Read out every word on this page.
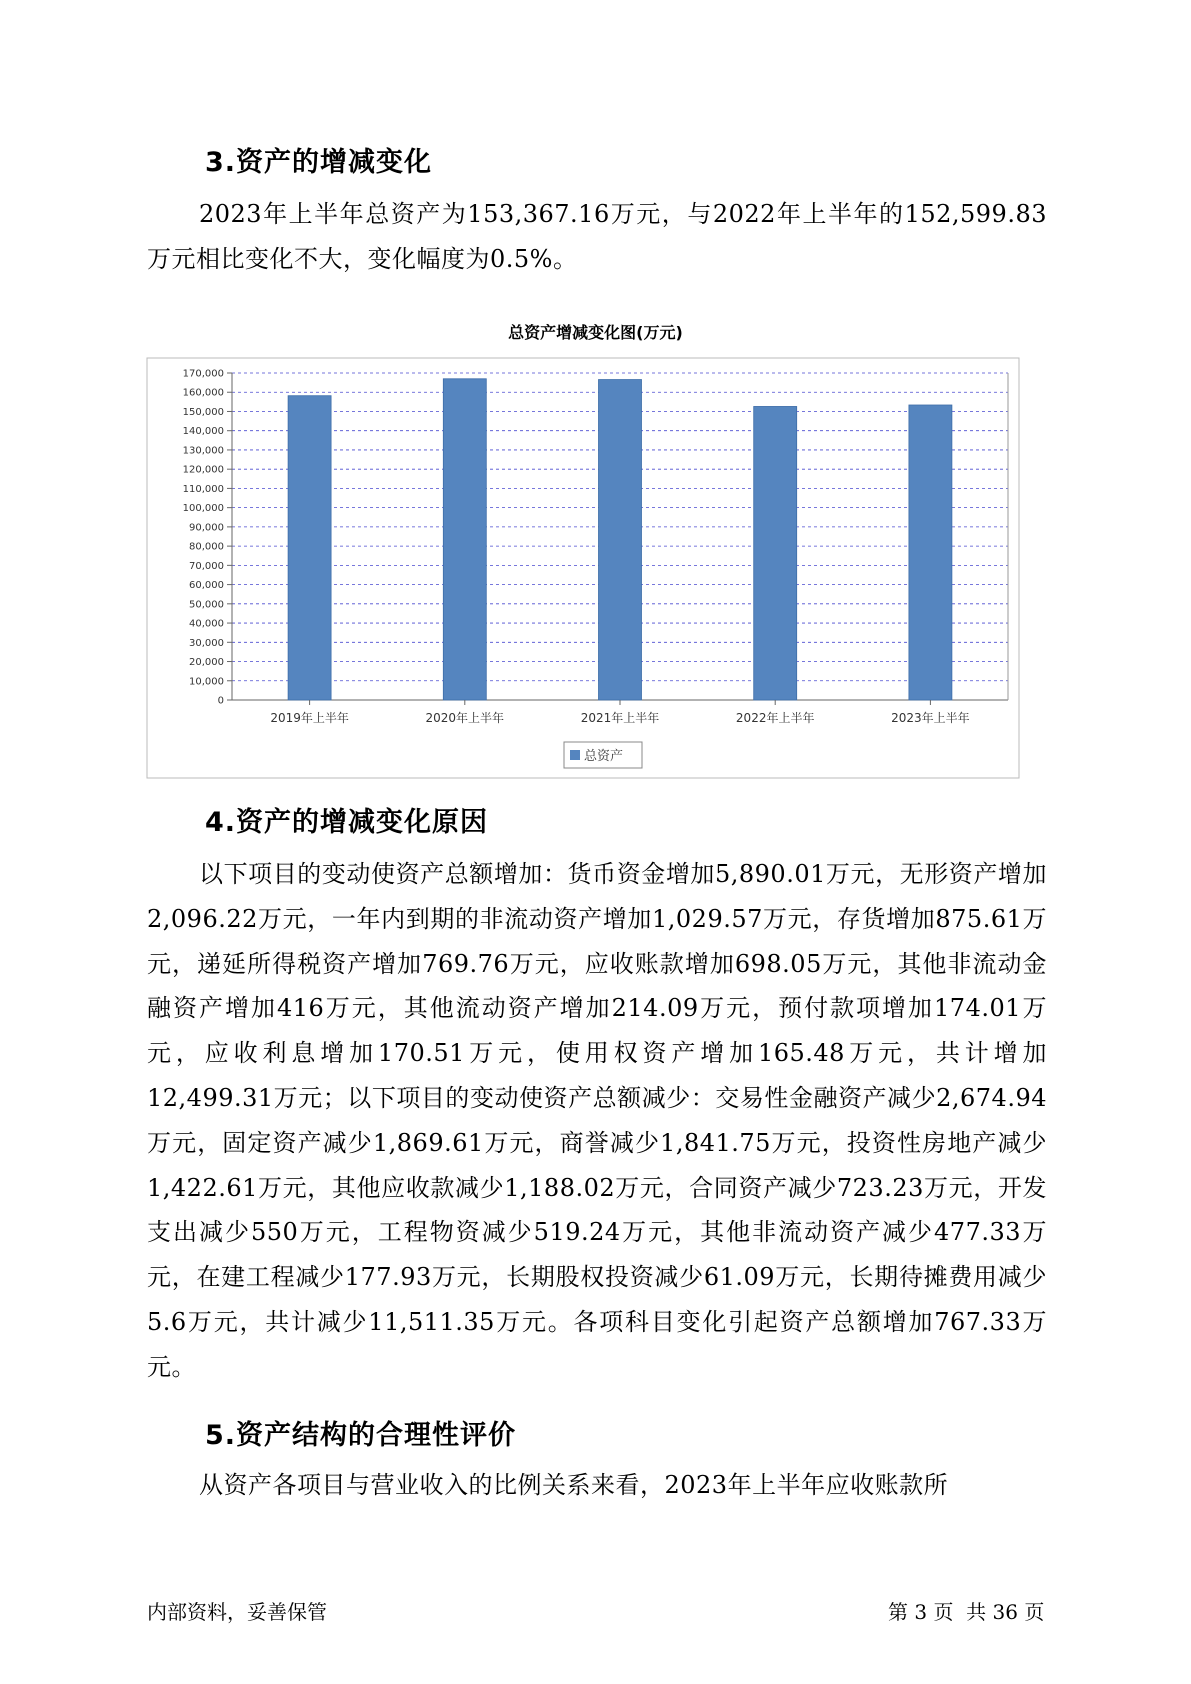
3.资产的增减变化
2023年上半年总资产为153,367.16万元，与2022年上半年的152,599.83万元相比变化不大，变化幅度为0.5%。
总资产增减变化图(万元)
0
10,000
20,000
30,000
40,000
50,000
60,000
70,000
80,000
90,000
100,000
110,000
120,000
130,000
140,000
150,000
160,000
170,000
2019年上半年	2020年上半年	2021年上半年	2022年上半年	2023年上半年
总资产
4.资产的增减变化原因
以下项目的变动使资产总额增加：货币资金增加5,890.01万元，无形资产增加2,096.22万元，一年内到期的非流动资产增加1,029.57万元，存货增加875.61万元，递延所得税资产增加769.76万元，应收账款增加698.05万元，其他非流动金融资产增加416万元，其他流动资产增加214.09万元，预付款项增加174.01万元，应收利息增加170.51万元，使用权资产增加165.48万元，共计增加12,499.31万元；以下项目的变动使资产总额减少：交易性金融资产减少2,674.94万元，固定资产减少1,869.61万元，商誉减少1,841.75万元，投资性房地产减少1,422.61万元，其他应收款减少1,188.02万元，合同资产减少723.23万元，开发支出减少550万元，工程物资减少519.24万元，其他非流动资产减少477.33万元，在建工程减少177.93万元，长期股权投资减少61.09万元，长期待摊费用减少5.6万元，共计减少11,511.35万元。各项科目变化引起资产总额增加767.33万元。
5.资产结构的合理性评价
从资产各项目与营业收入的比例关系来看，2023年上半年应收账款所
内部资料，妥善保管	第 3 页  共 36 页
